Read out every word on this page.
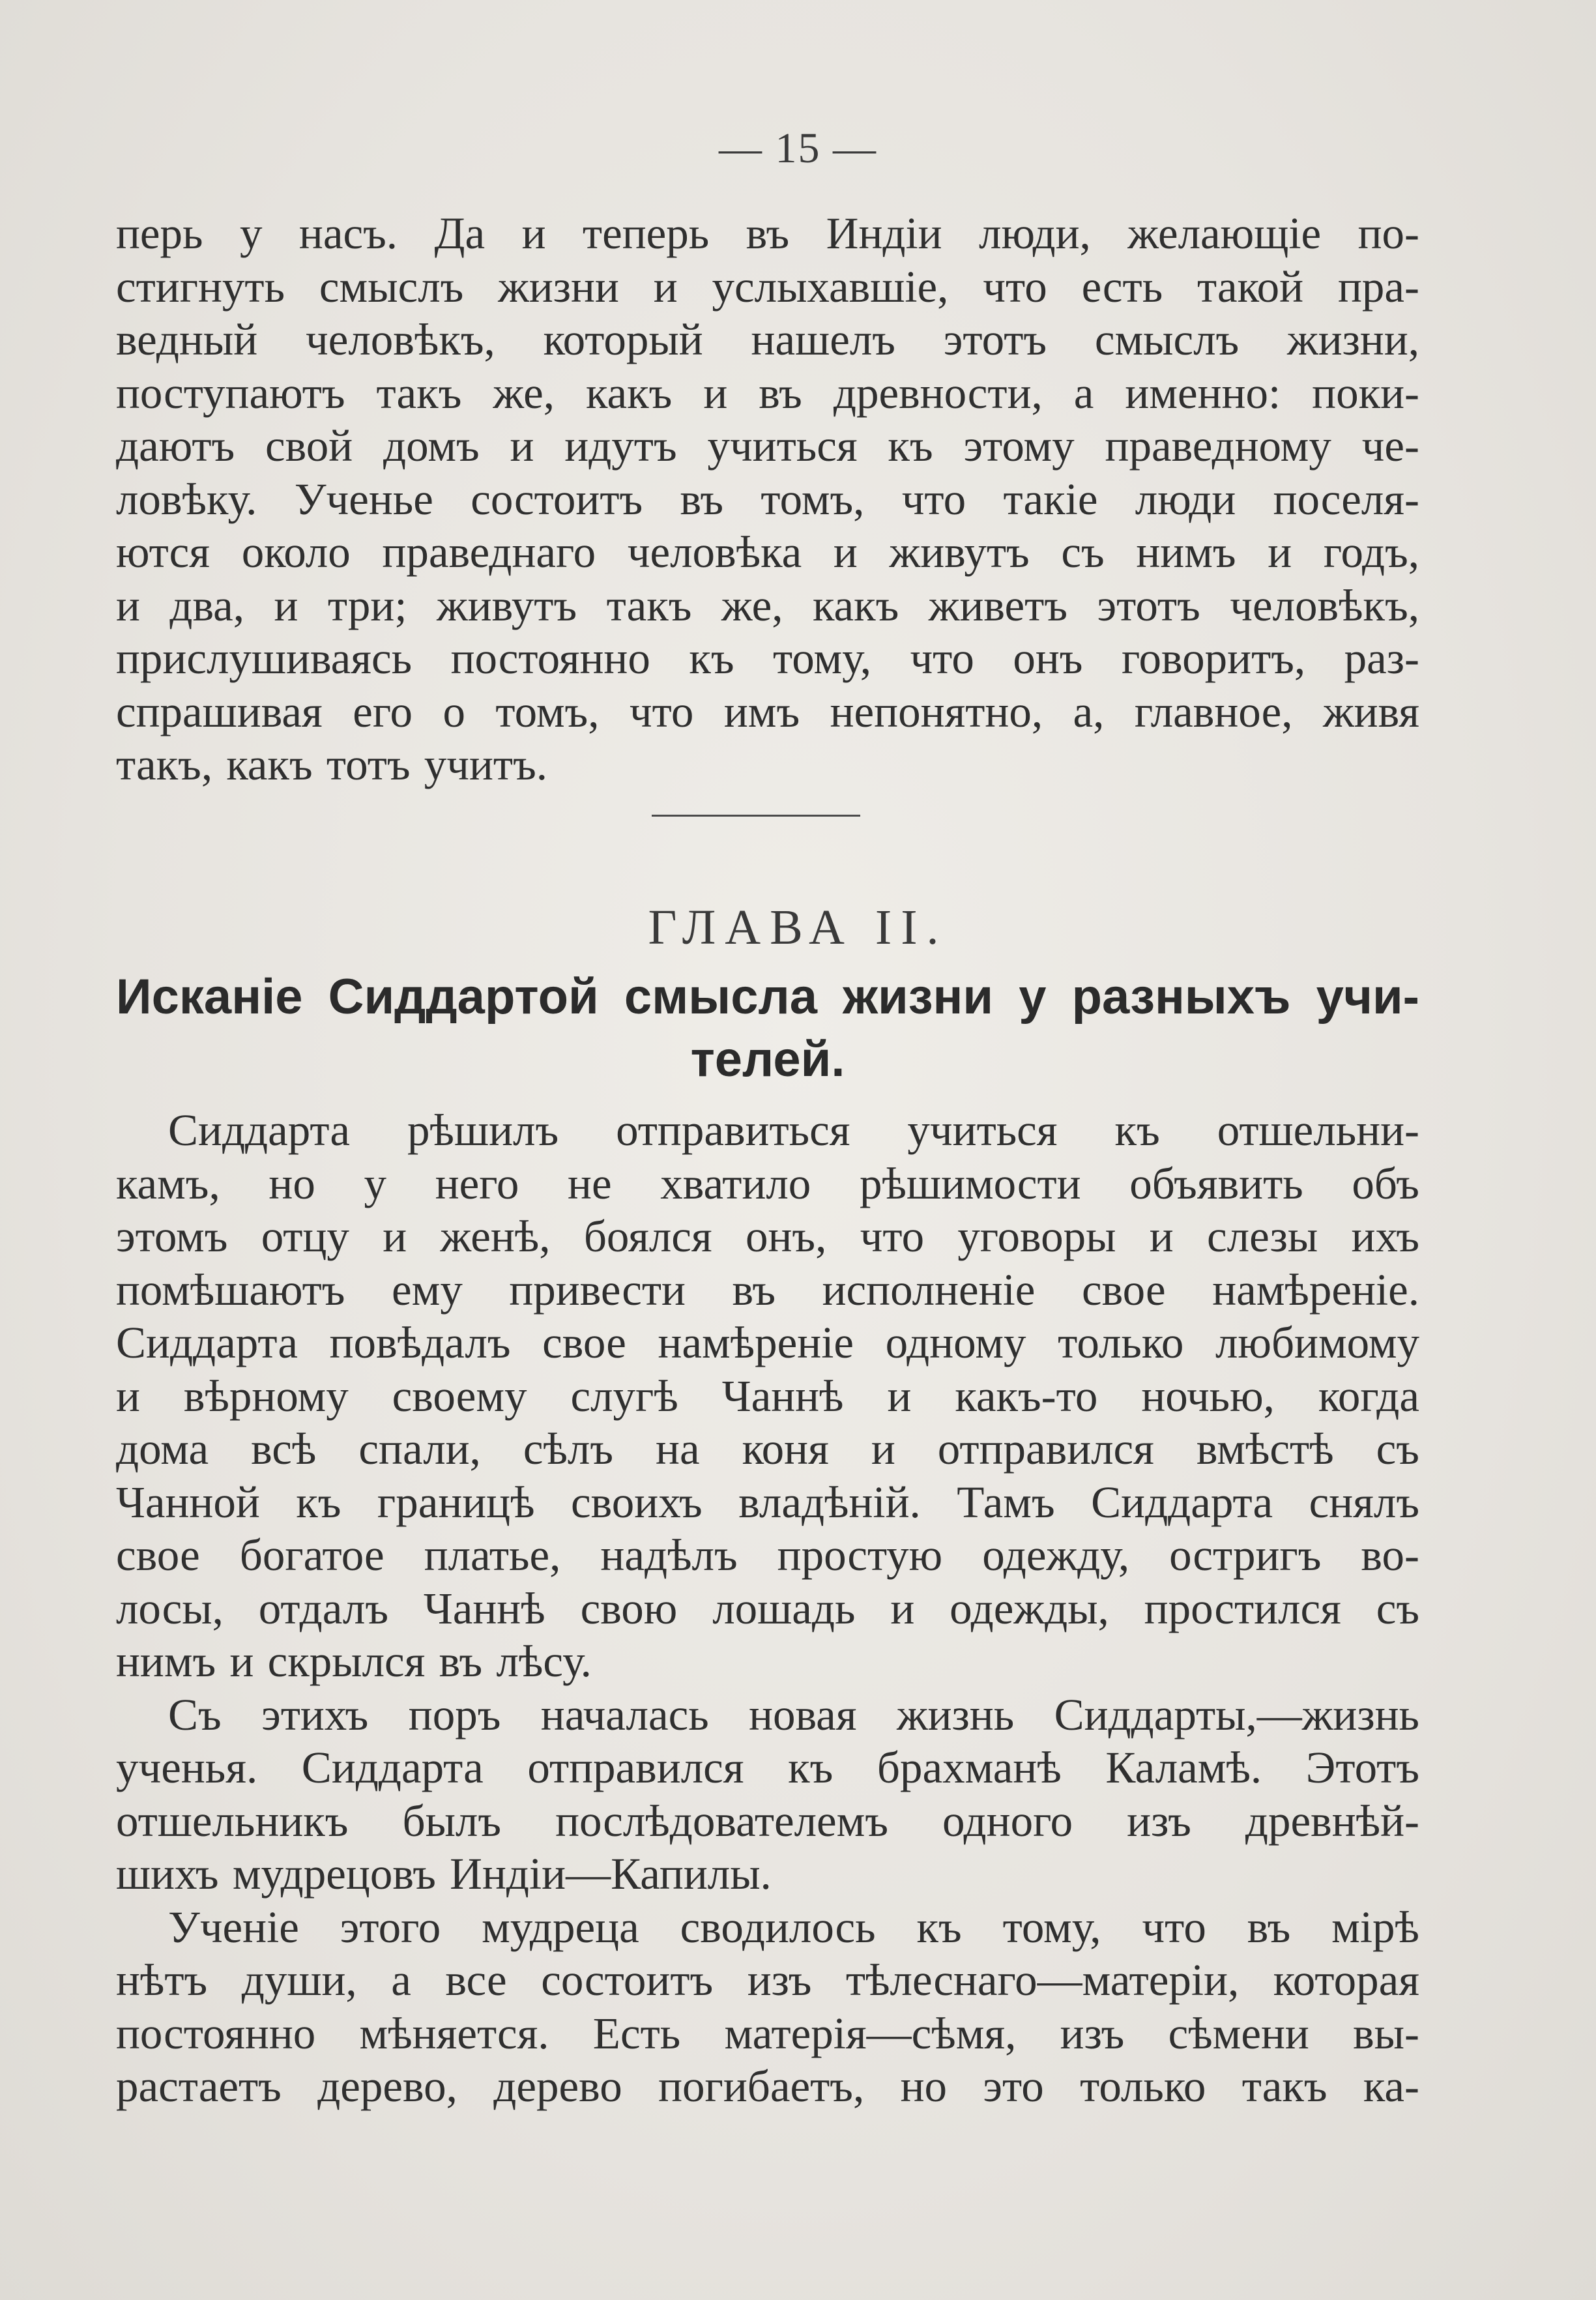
— 15 —
перь у насъ. Да и теперь въ Индіи люди, желающіе по-
стигнуть смыслъ жизни и услыхавшіе, что есть такой пра-
ведный человѣкъ, который нашелъ этотъ смыслъ жизни,
поступаютъ такъ же, какъ и въ древности, а именно: поки-
даютъ свой домъ и идутъ учиться къ этому праведному че-
ловѣку. Ученье состоитъ въ томъ, что такіе люди поселя-
ются около праведнаго человѣка и живутъ съ нимъ и годъ,
и два, и три; живутъ такъ же, какъ живетъ этотъ человѣкъ,
прислушиваясь постоянно къ тому, что онъ говоритъ, раз-
спрашивая его о томъ, что имъ непонятно, а, главное, живя
такъ, какъ тотъ учитъ.
ГЛАВА II.
Исканіе Сиддартой смысла жизни у разныхъ учи-
телей.
Сиддарта рѣшилъ отправиться учиться къ отшельни-
камъ, но у него не хватило рѣшимости объявить объ
этомъ отцу и женѣ, боялся онъ, что уговоры и слезы ихъ
помѣшаютъ ему привести въ исполненіе свое намѣреніе.
Сиддарта повѣдалъ свое намѣреніе одному только любимому
и вѣрному своему слугѣ Чаннѣ и какъ-то ночью, когда
дома всѣ спали, сѣлъ на коня и отправился вмѣстѣ съ
Чанной къ границѣ своихъ владѣній. Тамъ Сиддарта снялъ
свое богатое платье, надѣлъ простую одежду, остригъ во-
лосы, отдалъ Чаннѣ свою лошадь и одежды, простился съ
нимъ и скрылся въ лѣсу.
Съ этихъ поръ началась новая жизнь Сиддарты,—жизнь
ученья. Сиддарта отправился къ брахманѣ Каламѣ. Этотъ
отшельникъ былъ послѣдователемъ одного изъ древнѣй-
шихъ мудрецовъ Индіи—Капилы.
Ученіе этого мудреца сводилось къ тому, что въ мірѣ
нѣтъ души, а все состоитъ изъ тѣлеснаго—матеріи, которая
постоянно мѣняется. Есть матерія—сѣмя, изъ сѣмени вы-
растаетъ дерево, дерево погибаетъ, но это только такъ ка-
